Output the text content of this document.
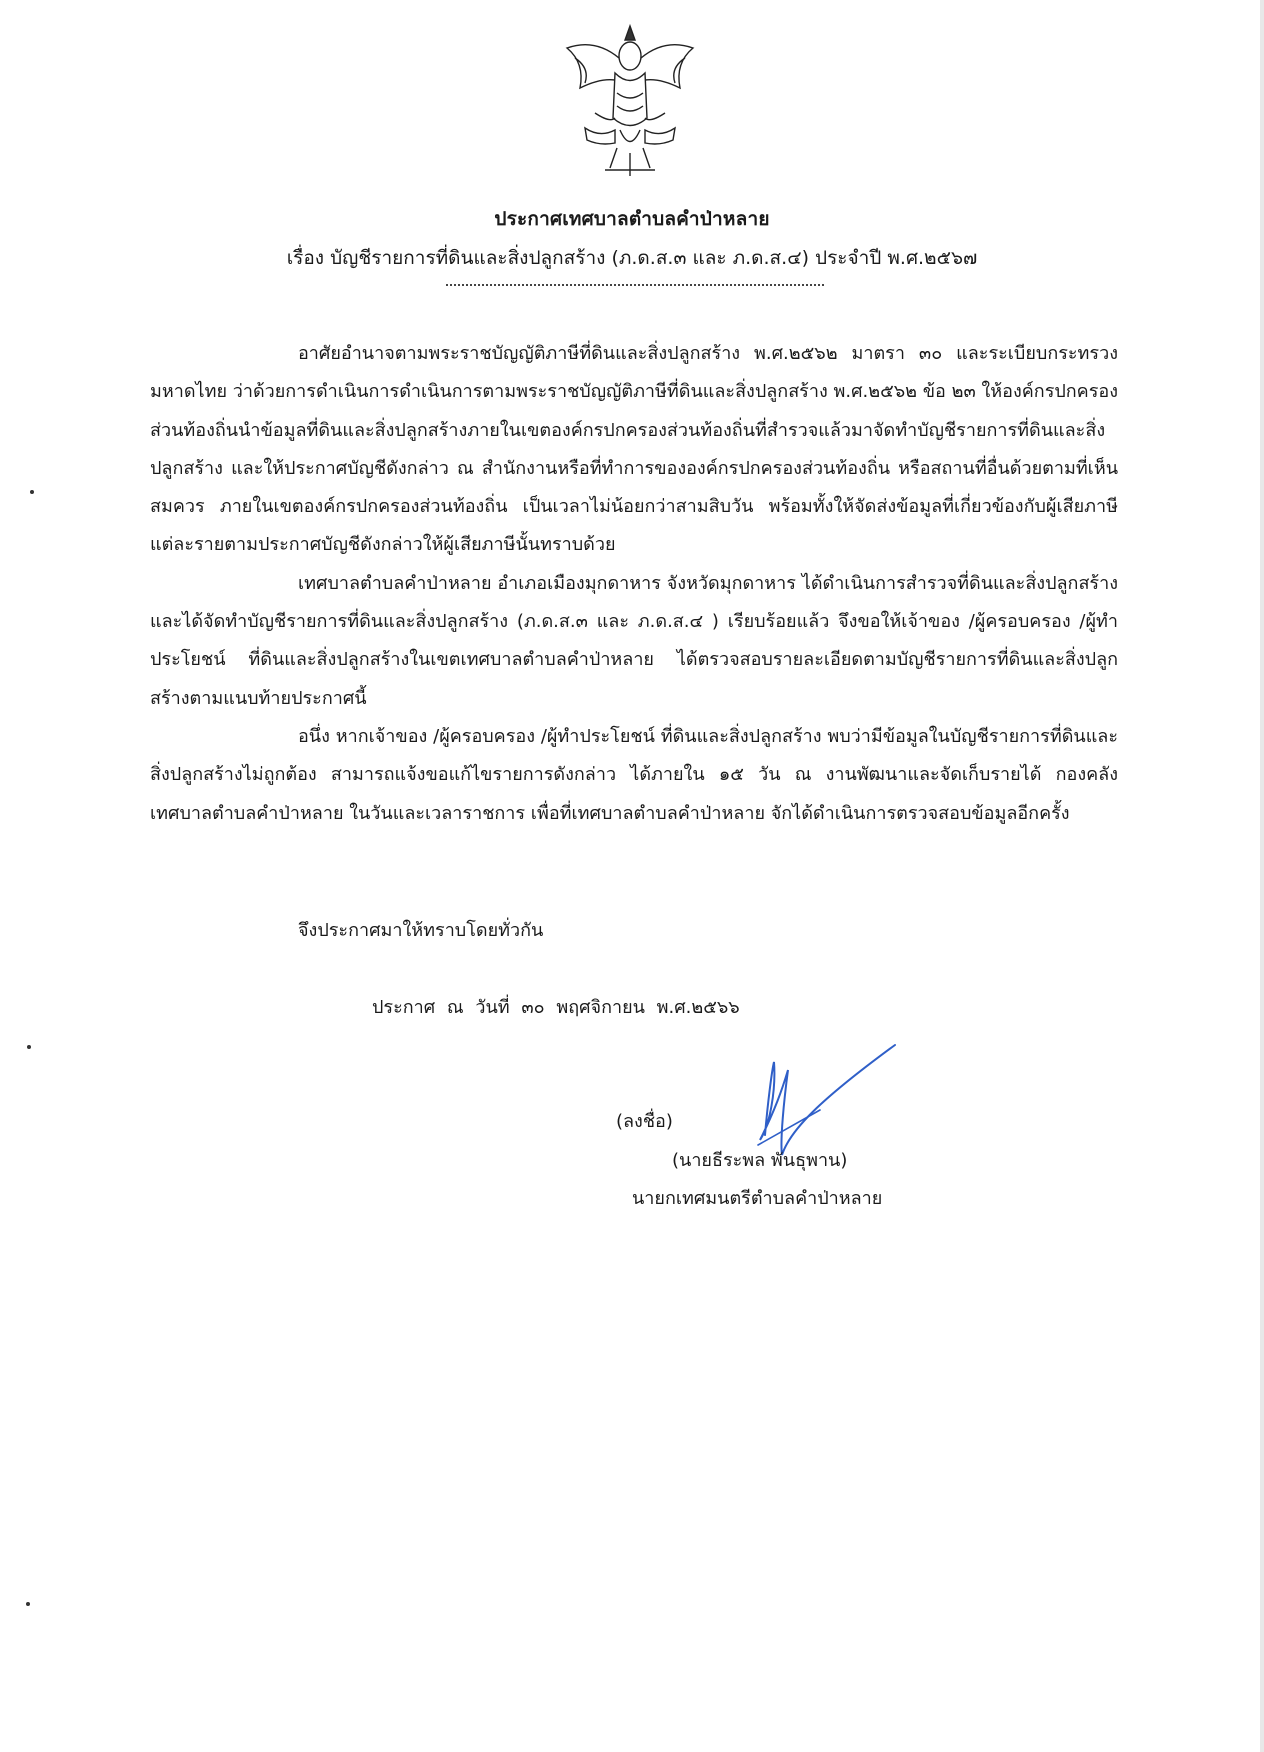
ประกาศเทศบาลตำบลคำป่าหลาย
เรื่อง บัญชีรายการที่ดินและสิ่งปลูกสร้าง (ภ.ด.ส.๓ และ ภ.ด.ส.๔) ประจำปี พ.ศ.๒๕๖๗

อาศัยอำนาจตามพระราชบัญญัติภาษีที่ดินและสิ่งปลูกสร้าง พ.ศ.๒๕๖๒ มาตรา ๓๐ และระเบียบกระทรวงมหาดไทย ว่าด้วยการดำเนินการดำเนินการตามพระราชบัญญัติภาษีที่ดินและสิ่งปลูกสร้าง พ.ศ.๒๕๖๒ ข้อ ๒๓ ให้องค์กรปกครองส่วนท้องถิ่นนำข้อมูลที่ดินและสิ่งปลูกสร้างภายในเขตองค์กรปกครองส่วนท้องถิ่นที่สำรวจแล้วมาจัดทำบัญชีรายการที่ดินและสิ่งปลูกสร้าง และให้ประกาศบัญชีดังกล่าว ณ สำนักงานหรือที่ทำการขององค์กรปกครองส่วนท้องถิ่น หรือสถานที่อื่นด้วยตามที่เห็นสมควร ภายในเขตองค์กรปกครองส่วนท้องถิ่น เป็นเวลาไม่น้อยกว่าสามสิบวัน พร้อมทั้งให้จัดส่งข้อมูลที่เกี่ยวข้องกับผู้เสียภาษีแต่ละรายตามประกาศบัญชีดังกล่าวให้ผู้เสียภาษีนั้นทราบด้วย

เทศบาลตำบลคำป่าหลาย อำเภอเมืองมุกดาหาร จังหวัดมุกดาหาร ได้ดำเนินการสำรวจที่ดินและสิ่งปลูกสร้างและได้จัดทำบัญชีรายการที่ดินและสิ่งปลูกสร้าง (ภ.ด.ส.๓ และ ภ.ด.ส.๔ ) เรียบร้อยแล้ว จึงขอให้เจ้าของ /ผู้ครอบครอง /ผู้ทำประโยชน์ ที่ดินและสิ่งปลูกสร้างในเขตเทศบาลตำบลคำป่าหลาย ได้ตรวจสอบรายละเอียดตามบัญชีรายการที่ดินและสิ่งปลูกสร้างตามแนบท้ายประกาศนี้

อนึ่ง หากเจ้าของ /ผู้ครอบครอง /ผู้ทำประโยชน์ ที่ดินและสิ่งปลูกสร้าง พบว่ามีข้อมูลในบัญชีรายการที่ดินและสิ่งปลูกสร้างไม่ถูกต้อง สามารถแจ้งขอแก้ไขรายการดังกล่าว ได้ภายใน ๑๕ วัน ณ งานพัฒนาและจัดเก็บรายได้ กองคลัง เทศบาลตำบลคำป่าหลาย ในวันและเวลาราชการ เพื่อที่เทศบาลตำบลคำป่าหลาย จักได้ดำเนินการตรวจสอบข้อมูลอีกครั้ง

จึงประกาศมาให้ทราบโดยทั่วกัน
ประกาศ ณ วันที่ ๓๐ พฤศจิกายน พ.ศ.๒๕๖๖
(ลงชื่อ)
(นายธีระพล พันธุพาน)
นายกเทศมนตรีตำบลคำป่าหลาย
